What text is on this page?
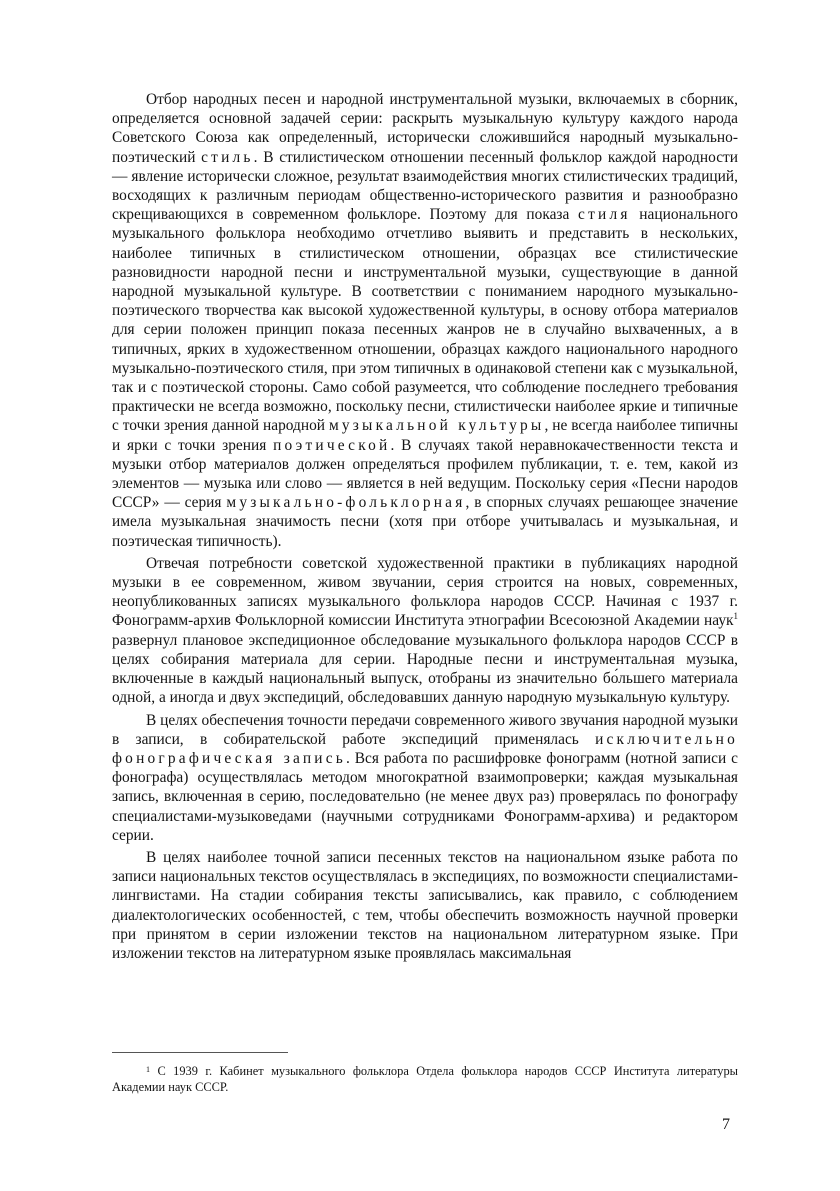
Отбор народных песен и народной инструментальной музыки, включаемых в сборник, определяется основной задачей серии: раскрыть музыкальную культуру каждого народа Советского Союза как определенный, исторически сложившийся народный музыкально-поэтический стиль. В стилистическом отношении песенный фольклор каждой народности — явление исторически сложное, результат взаимодействия многих стилистических традиций, восходящих к различным периодам общественно-исторического развития и разнообразно скрещивающихся в современном фольклоре. Поэтому для показа стиля национального музыкального фольклора необходимо отчетливо выявить и представить в нескольких, наиболее типичных в стилистическом отношении, образцах все стилистические разновидности народной песни и инструментальной музыки, существующие в данной народной музыкальной культуре. В соответствии с пониманием народного музыкально-поэтического творчества как высокой художественной культуры, в основу отбора материалов для серии положен принцип показа песенных жанров не в случайно выхваченных, а в типичных, ярких в художественном отношении, образцах каждого национального народного музыкально-поэтического стиля, при этом типичных в одинаковой степени как с музыкальной, так и с поэтической стороны. Само собой разумеется, что соблюдение последнего требования практически не всегда возможно, поскольку песни, стилистически наиболее яркие и типичные с точки зрения данной народной музыкальной культуры, не всегда наиболее типичны и ярки с точки зрения поэтической. В случаях такой неравнокачественности текста и музыки отбор материалов должен определяться профилем публикации, т. е. тем, какой из элементов — музыка или слово — является в ней ведущим. Поскольку серия «Песни народов СССР» — серия музыкально-фольклорная, в спорных случаях решающее значение имела музыкальная значимость песни (хотя при отборе учитывалась и музыкальная, и поэтическая типичность).

Отвечая потребности советской художественной практики в публикациях народной музыки в ее современном, живом звучании, серия строится на новых, современных, неопубликованных записях музыкального фольклора народов СССР. Начиная с 1937 г. Фонограмм-архив Фольклорной комиссии Института этнографии Всесоюзной Академии наук$^1$ развернул плановое экспедиционное обследование музыкального фольклора народов СССР в целях собирания материала для серии. Народные песни и инструментальная музыка, включенные в каждый национальный выпуск, отобраны из значительно бо́льшего материала одной, а иногда и двух экспедиций, обследовавших данную народную музыкальную культуру.

В целях обеспечения точности передачи современного живого звучания народной музыки в записи, в собирательской работе экспедиций применялась исключительно фонографическая запись. Вся работа по расшифровке фонограмм (нотной записи с фонографа) осуществлялась методом многократной взаимопроверки; каждая музыкальная запись, включенная в серию, последовательно (не менее двух раз) проверялась по фонографу специалистами-музыковедами (научными сотрудниками Фонограмм-архива) и редактором серии.

В целях наиболее точной записи песенных текстов на национальном языке работа по записи национальных текстов осуществлялась в экспедициях, по возможности специалистами-лингвистами. На стадии собирания тексты записывались, как правило, с соблюдением диалектологических особенностей, с тем, чтобы обеспечить возможность научной проверки при принятом в серии изложении текстов на национальном литературном языке. При изложении текстов на литературном языке проявлялась максимальная

$^1$ С 1939 г. Кабинет музыкального фольклора Отдела фольклора народов СССР Института литературы Академии наук СССР.
7
